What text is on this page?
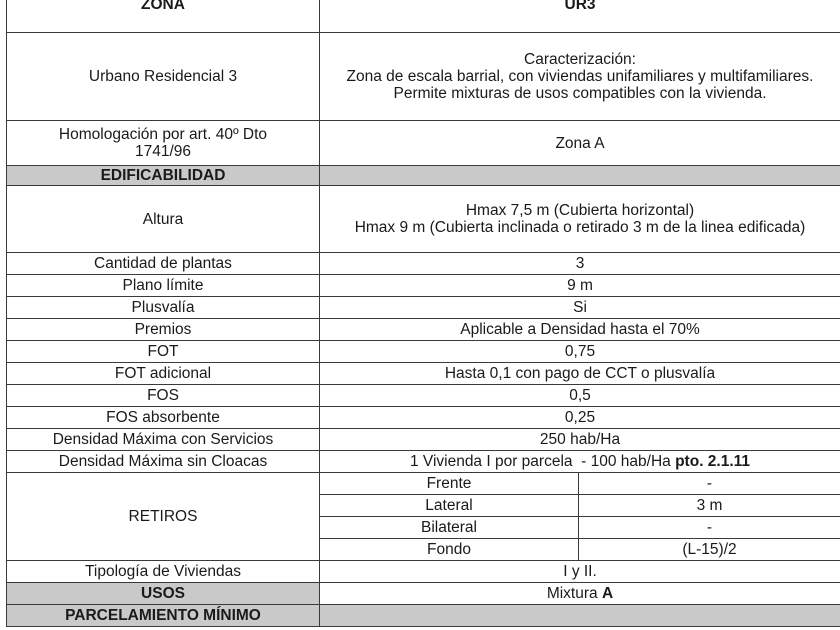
ZONA	UR3	
Urbano Residencial 3	Caracterización:
Zona de escala barrial, con viviendas unifamiliares y multifamiliares. Permite mixturas de usos compatibles con la vivienda.	

Homologación por art. 40º Dto 1741/96	Zona A	
EDIFICABILIDAD		
Altura	Hmax 7,5 m (Cubierta horizontal)
Hmax 9 m (Cubierta inclinada o retirado 3 m de la linea edificada)	

Cantidad de plantas	3	
Plano límite	9 m	
Plusvalía	Si	
Premios	Aplicable a Densidad hasta el 70%	
FOT	0,75	
FOT adicional	Hasta 0,1 con pago de CCT o plusvalía	
FOS	0,5	
FOS absorbente	0,25	
Densidad Máxima con Servicios	250 hab/Ha	
Densidad Máxima sin Cloacas	1 Vivienda I por parcela - 100 hab/Ha pto. 2.1.11	
RETIROS	Frente	-
	Lateral	3 m
	Bilateral	-
	Fondo	(L-15)/2
Tipología de Viviendas	I y II.	
USOS	Mixtura A	
PARCELAMIENTO MÍNIMO		
